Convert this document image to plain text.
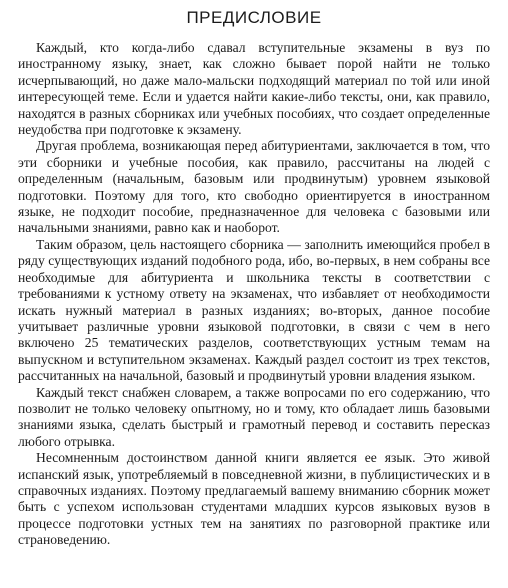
ПРЕДИСЛОВИЕ

Каждый, кто когда-либо сдавал вступительные экзамены в вуз по иностранному языку, знает, как сложно бывает порой найти не только исчерпывающий, но даже мало-мальски подходящий материал по той или иной интересующей теме. Если и удается найти какие-либо тексты, они, как правило, находятся в разных сборниках или учебных пособиях, что создает определенные неудобства при подготовке к экзамену.

Другая проблема, возникающая перед абитуриентами, заключается в том, что эти сборники и учебные пособия, как правило, рассчитаны на людей с определенным (начальным, базовым или продвинутым) уровнем языковой подготовки. Поэтому для того, кто свободно ориентируется в иностранном языке, не подходит пособие, предназначенное для человека с базовыми или начальными знаниями, равно как и наоборот.

Таким образом, цель настоящего сборника — заполнить имеющийся пробел в ряду существующих изданий подобного рода, ибо, во-первых, в нем собраны все необходимые для абитуриента и школьника тексты в соответствии с требованиями к устному ответу на экзаменах, что избавляет от необходимости искать нужный материал в разных изданиях; во-вторых, данное пособие учитывает различные уровни языковой подготовки, в связи с чем в него включено 25 тематических разделов, соответствующих устным темам на выпускном и вступительном экзаменах. Каждый раздел состоит из трех текстов, рассчитанных на начальной, базовый и продвинутый уровни владения языком.

Каждый текст снабжен словарем, а также вопросами по его содержанию, что позволит не только человеку опытному, но и тому, кто обладает лишь базовыми знаниями языка, сделать быстрый и грамотный перевод и составить пересказ любого отрывка.

Несомненным достоинством данной книги является ее язык. Это живой испанский язык, употребляемый в повседневной жизни, в публицистических и в справочных изданиях. Поэтому предлагаемый вашему вниманию сборник может быть с успехом использован студентами младших курсов языковых вузов в процессе подготовки устных тем на занятиях по разговорной практике или страноведению.
